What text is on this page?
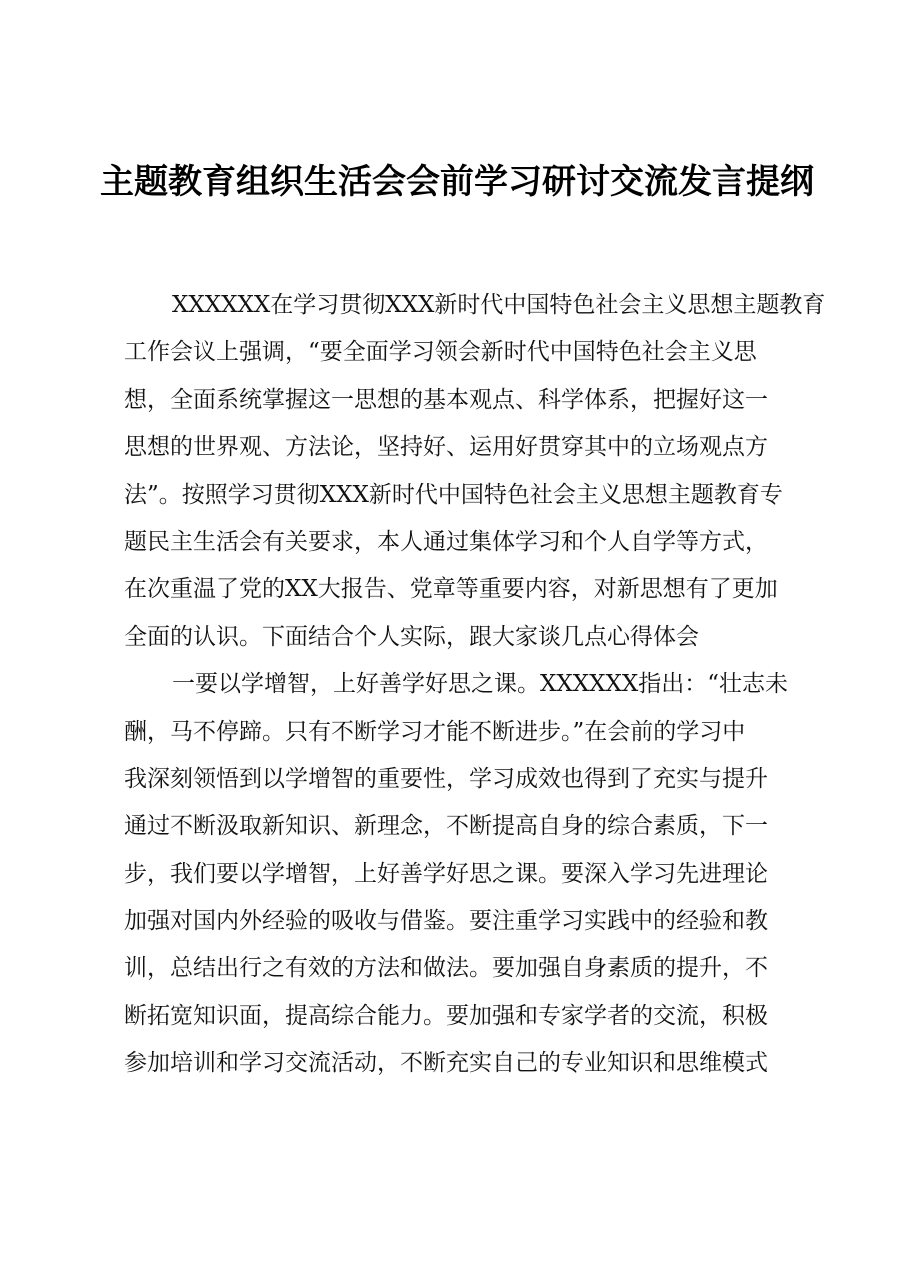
主题教育组织生活会会前学习研讨交流发言提纲
XXXXXX在学习贯彻XXX新时代中国特色社会主义思想主题教育
工作会议上强调，“要全面学习领会新时代中国特色社会主义思
想，全面系统掌握这一思想的基本观点、科学体系，把握好这一
思想的世界观、方法论，坚持好、运用好贯穿其中的立场观点方
法”。按照学习贯彻XXX新时代中国特色社会主义思想主题教育专
题民主生活会有关要求，本人通过集体学习和个人自学等方式，
在次重温了党的XX大报告、党章等重要内容，对新思想有了更加
全面的认识。下面结合个人实际，跟大家谈几点心得体会
一要以学增智，上好善学好思之课。XXXXXX指出：“壮志未
酬，马不停蹄。只有不断学习才能不断进步。”在会前的学习中
我深刻领悟到以学增智的重要性，学习成效也得到了充实与提升
通过不断汲取新知识、新理念，不断提高自身的综合素质，下一
步，我们要以学增智，上好善学好思之课。要深入学习先进理论
加强对国内外经验的吸收与借鉴。要注重学习实践中的经验和教
训，总结出行之有效的方法和做法。要加强自身素质的提升，不
断拓宽知识面，提高综合能力。要加强和专家学者的交流，积极
参加培训和学习交流活动，不断充实自己的专业知识和思维模式
